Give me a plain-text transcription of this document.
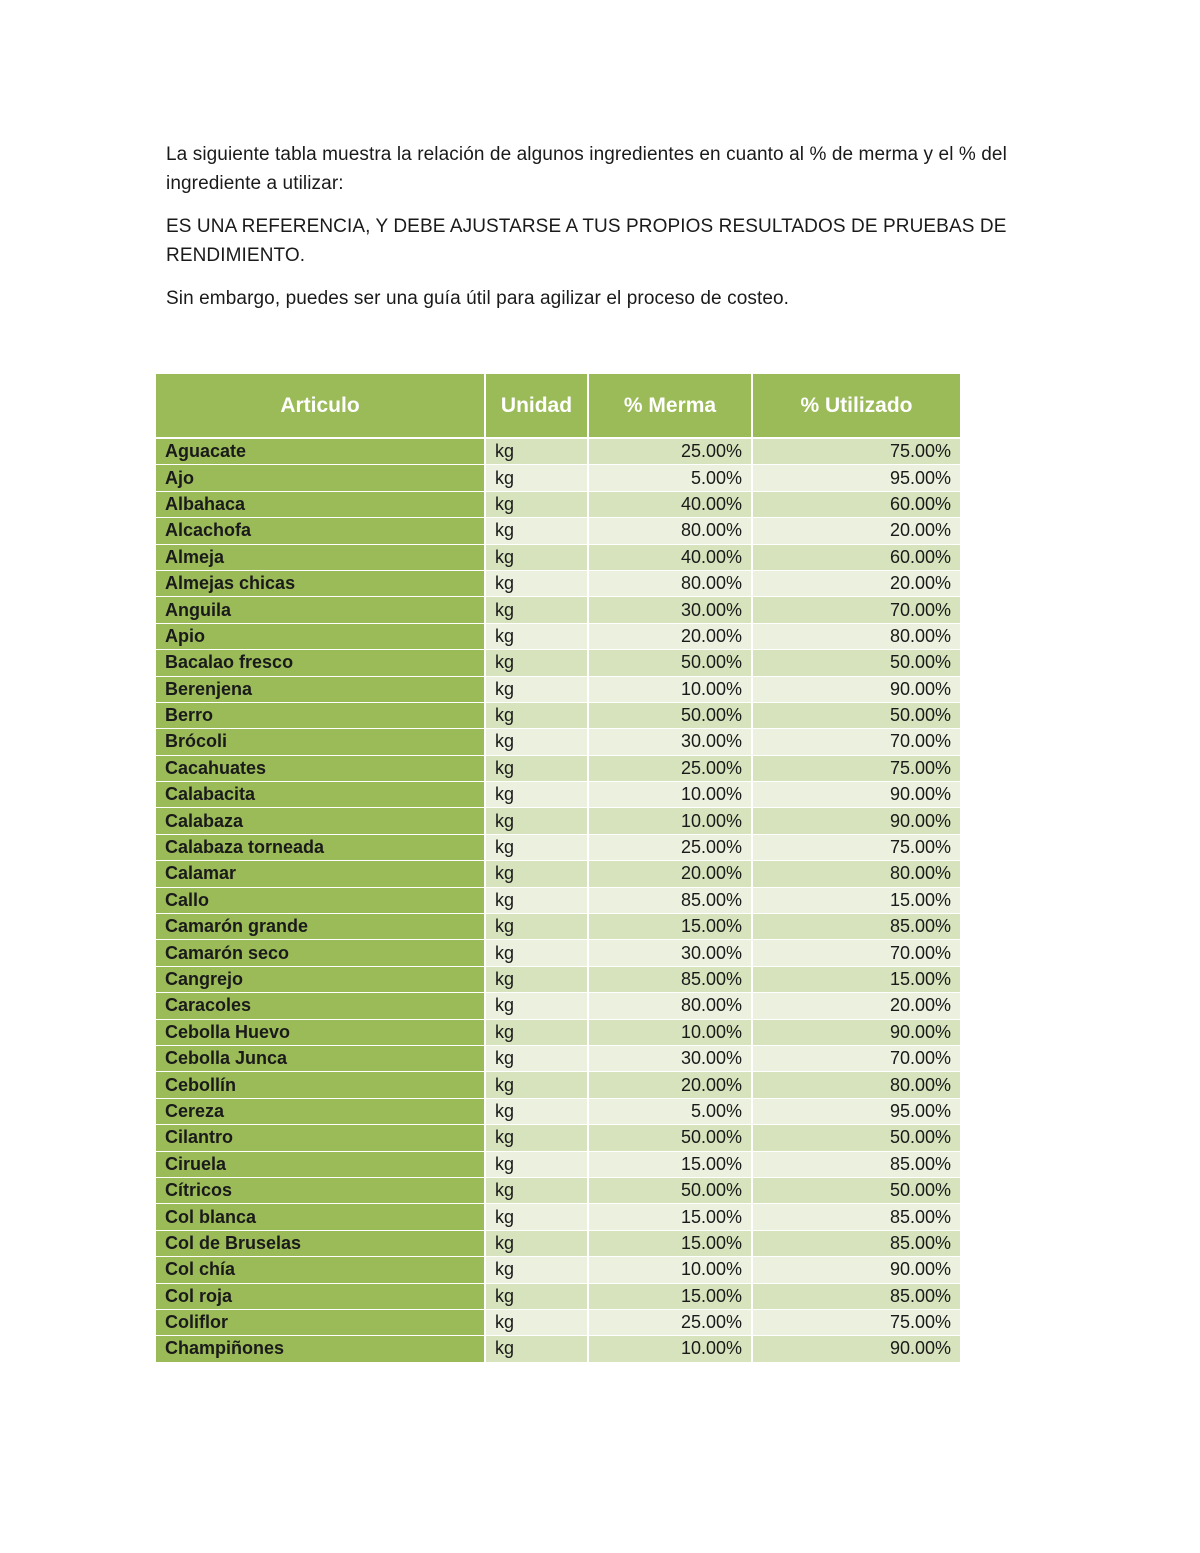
La siguiente tabla muestra la relación de algunos ingredientes en cuanto al % de merma y el % del ingrediente a utilizar:

ES UNA REFERENCIA, Y DEBE AJUSTARSE A TUS PROPIOS RESULTADOS DE PRUEBAS DE RENDIMIENTO.

Sin embargo, puedes ser una guía útil para agilizar el proceso de costeo.

Articulo	Unidad	% Merma	% Utilizado
Aguacate	kg	25.00%	75.00%
Ajo	kg	5.00%	95.00%
Albahaca	kg	40.00%	60.00%
Alcachofa	kg	80.00%	20.00%
Almeja	kg	40.00%	60.00%
Almejas chicas	kg	80.00%	20.00%
Anguila	kg	30.00%	70.00%
Apio	kg	20.00%	80.00%
Bacalao fresco	kg	50.00%	50.00%
Berenjena	kg	10.00%	90.00%
Berro	kg	50.00%	50.00%
Brócoli	kg	30.00%	70.00%
Cacahuates	kg	25.00%	75.00%
Calabacita	kg	10.00%	90.00%
Calabaza	kg	10.00%	90.00%
Calabaza torneada	kg	25.00%	75.00%
Calamar	kg	20.00%	80.00%
Callo	kg	85.00%	15.00%
Camarón grande	kg	15.00%	85.00%
Camarón seco	kg	30.00%	70.00%
Cangrejo	kg	85.00%	15.00%
Caracoles	kg	80.00%	20.00%
Cebolla Huevo	kg	10.00%	90.00%
Cebolla Junca	kg	30.00%	70.00%
Cebollín	kg	20.00%	80.00%
Cereza	kg	5.00%	95.00%
Cilantro	kg	50.00%	50.00%
Ciruela	kg	15.00%	85.00%
Cítricos	kg	50.00%	50.00%
Col blanca	kg	15.00%	85.00%
Col de Bruselas	kg	15.00%	85.00%
Col chía	kg	10.00%	90.00%
Col roja	kg	15.00%	85.00%
Coliflor	kg	25.00%	75.00%
Champiñones	kg	10.00%	90.00%
